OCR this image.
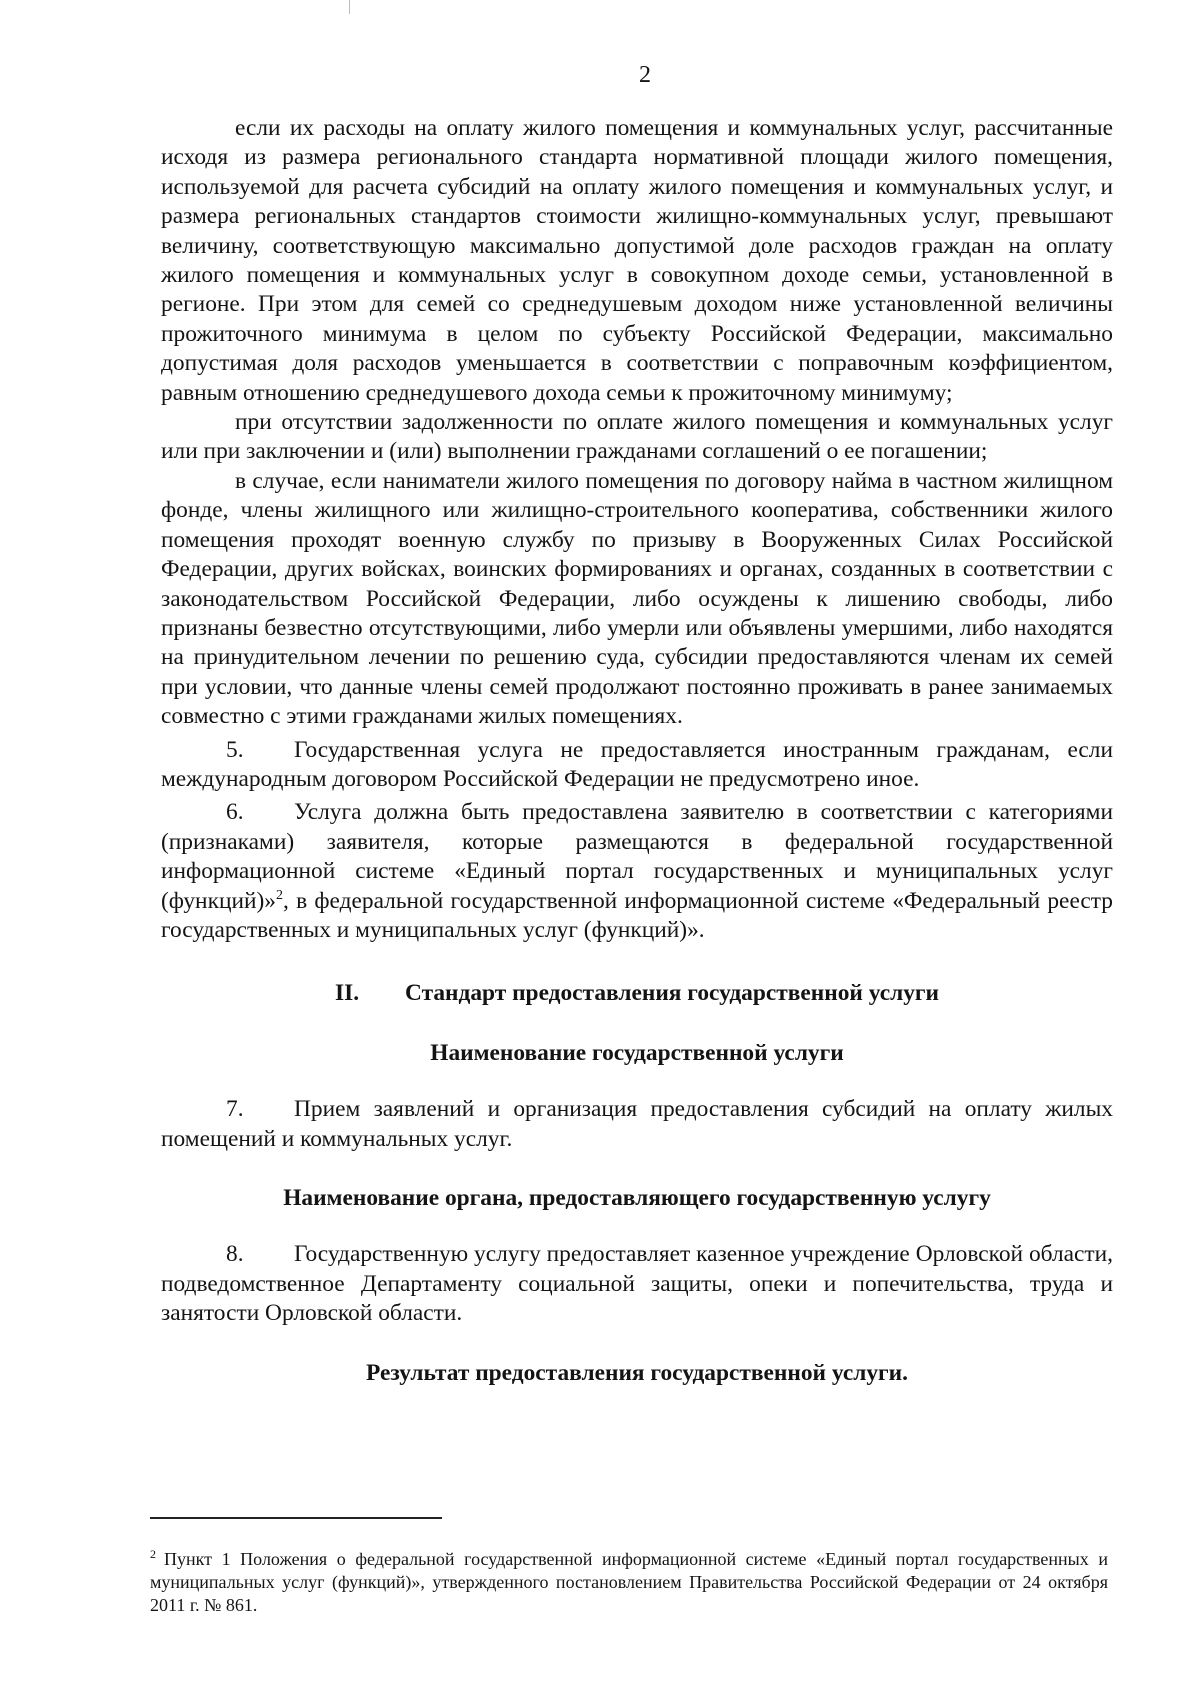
2

если их расходы на оплату жилого помещения и коммунальных услуг, рассчитанные исходя из размера регионального стандарта нормативной площади жилого помещения, используемой для расчета субсидий на оплату жилого помещения и коммунальных услуг, и размера региональных стандартов стоимости жилищно-коммунальных услуг, превышают величину, соответствующую максимально допустимой доле расходов граждан на оплату жилого помещения и коммунальных услуг в совокупном доходе семьи, установленной в регионе. При этом для семей со среднедушевым доходом ниже установленной величины прожиточного минимума в целом по субъекту Российской Федерации, максимально допустимая доля расходов уменьшается в соответствии с поправочным коэффициентом, равным отношению среднедушевого дохода семьи к прожиточному минимуму;

при отсутствии задолженности по оплате жилого помещения и коммунальных услуг или при заключении и (или) выполнении гражданами соглашений о ее погашении;

в случае, если наниматели жилого помещения по договору найма в частном жилищном фонде, члены жилищного или жилищно-строительного кооператива, собственники жилого помещения проходят военную службу по призыву в Вооруженных Силах Российской Федерации, других войсках, воинских формированиях и органах, созданных в соответствии с законодательством Российской Федерации, либо осуждены к лишению свободы, либо признаны безвестно отсутствующими, либо умерли или объявлены умершими, либо находятся на принудительном лечении по решению суда, субсидии предоставляются членам их семей при условии, что данные члены семей продолжают постоянно проживать в ранее занимаемых совместно с этими гражданами жилых помещениях.

5. Государственная услуга не предоставляется иностранным гражданам, если международным договором Российской Федерации не предусмотрено иное.

6. Услуга должна быть предоставлена заявителю в соответствии с категориями (признаками) заявителя, которые размещаются в федеральной государственной информационной системе «Единый портал государственных и муниципальных услуг (функций)»$^2$, в федеральной государственной информационной системе «Федеральный реестр государственных и муниципальных услуг (функций)».

II. Стандарт предоставления государственной услуги

Наименование государственной услуги

7. Прием заявлений и организация предоставления субсидий на оплату жилых помещений и коммунальных услуг.

Наименование органа, предоставляющего государственную услугу

8. Государственную услугу предоставляет казенное учреждение Орловской области, подведомственное Департаменту социальной защиты, опеки и попечительства, труда и занятости Орловской области.

Результат предоставления государственной услуги.

$^2$ Пункт 1 Положения о федеральной государственной информационной системе «Единый портал государственных и муниципальных услуг (функций)», утвержденного постановлением Правительства Российской Федерации от 24 октября 2011 г. № 861.
